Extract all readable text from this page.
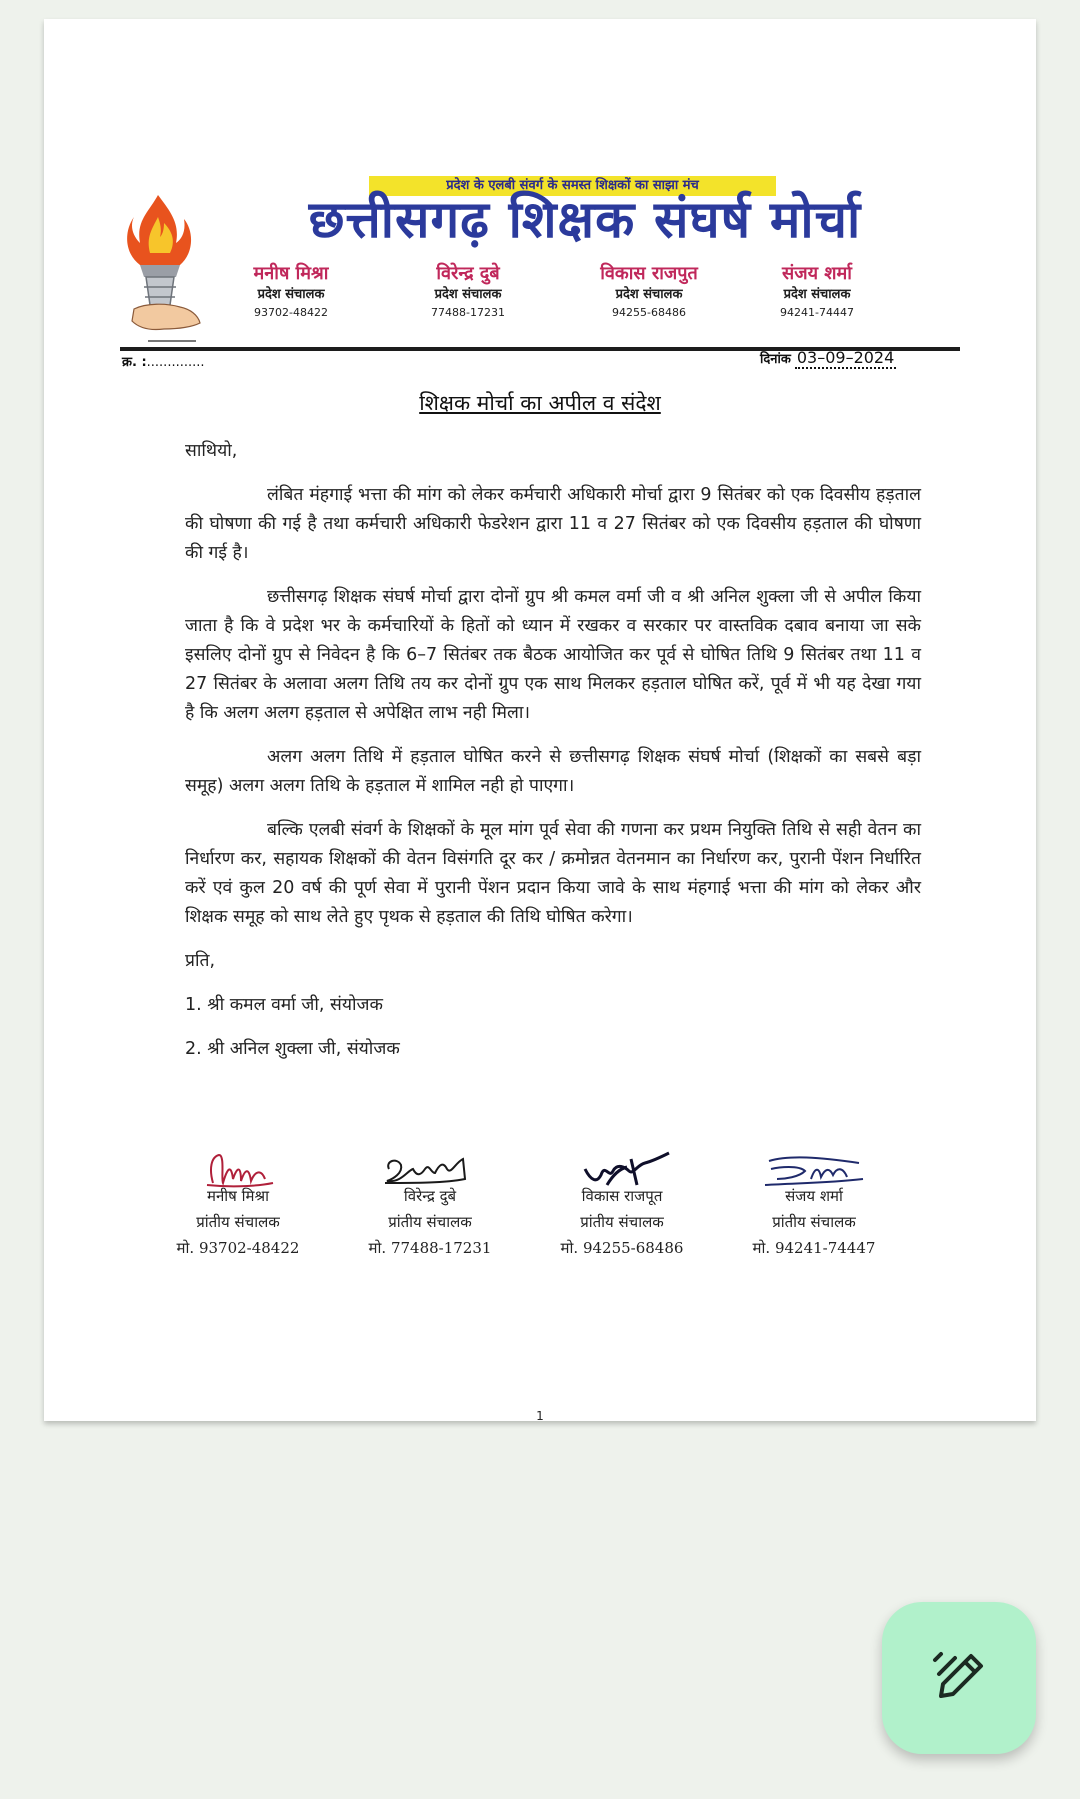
प्रदेश के एलबी संवर्ग के समस्त शिक्षकों का साझा मंच
छत्तीसगढ़ शिक्षक संघर्ष मोर्चा
मनीष मिश्रा
प्रदेश संचालक
93702-48422
विरेन्द्र दुबे
प्रदेश संचालक
77488-17231
विकास राजपुत
प्रदेश संचालक
94255-68486
संजय शर्मा
प्रदेश संचालक
94241-74447
क्र. :..............	दिनांक 03–09–2024
शिक्षक मोर्चा का अपील व संदेश

साथियो,

लंबित मंहगाई भत्ता की मांग को लेकर कर्मचारी अधिकारी मोर्चा द्वारा 9 सितंबर को एक दिवसीय हड़ताल की घोषणा की गई है तथा कर्मचारी अधिकारी फेडरेशन द्वारा 11 व 27 सितंबर को एक दिवसीय हड़ताल की घोषणा की गई है।

छत्तीसगढ़ शिक्षक संघर्ष मोर्चा द्वारा दोनों ग्रुप श्री कमल वर्मा जी व श्री अनिल शुक्ला जी से अपील किया जाता है कि वे प्रदेश भर के कर्मचारियों के हितों को ध्यान में रखकर व सरकार पर वास्तविक दबाव बनाया जा सके इसलिए दोनों ग्रुप से निवेदन है कि 6–7 सितंबर तक बैठक आयोजित कर पूर्व से घोषित तिथि 9 सितंबर तथा 11 व 27 सितंबर के अलावा अलग तिथि तय कर दोनों ग्रुप एक साथ मिलकर हड़ताल घोषित करें, पूर्व में भी यह देखा गया है कि अलग अलग हड़ताल से अपेक्षित लाभ नही मिला।

अलग अलग तिथि में हड़ताल घोषित करने से छत्तीसगढ़ शिक्षक संघर्ष मोर्चा (शिक्षकों का सबसे बड़ा समूह) अलग अलग तिथि के हड़ताल में शामिल नही हो पाएगा।

बल्कि एलबी संवर्ग के शिक्षकों के मूल मांग पूर्व सेवा की गणना कर प्रथम नियुक्ति तिथि से सही वेतन का निर्धारण कर, सहायक शिक्षकों की वेतन विसंगति दूर कर / क्रमोन्नत वेतनमान का निर्धारण कर, पुरानी पेंशन निर्धारित करें एवं कुल 20 वर्ष की पूर्ण सेवा में पुरानी पेंशन प्रदान किया जावे के साथ मंहगाई भत्ता की मांग को लेकर और शिक्षक समूह को साथ लेते हुए पृथक से हड़ताल की तिथि घोषित करेगा।

प्रति,

1. श्री कमल वर्मा जी, संयोजक

2. श्री अनिल शुक्ला जी, संयोजक

मनीष मिश्रा
प्रांतीय संचालक
मो. 93702-48422
विरेन्द्र दुबे
प्रांतीय संचालक
मो. 77488-17231
विकास राजपूत
प्रांतीय संचालक
मो. 94255-68486
संजय शर्मा
प्रांतीय संचालक
मो. 94241-74447
1
